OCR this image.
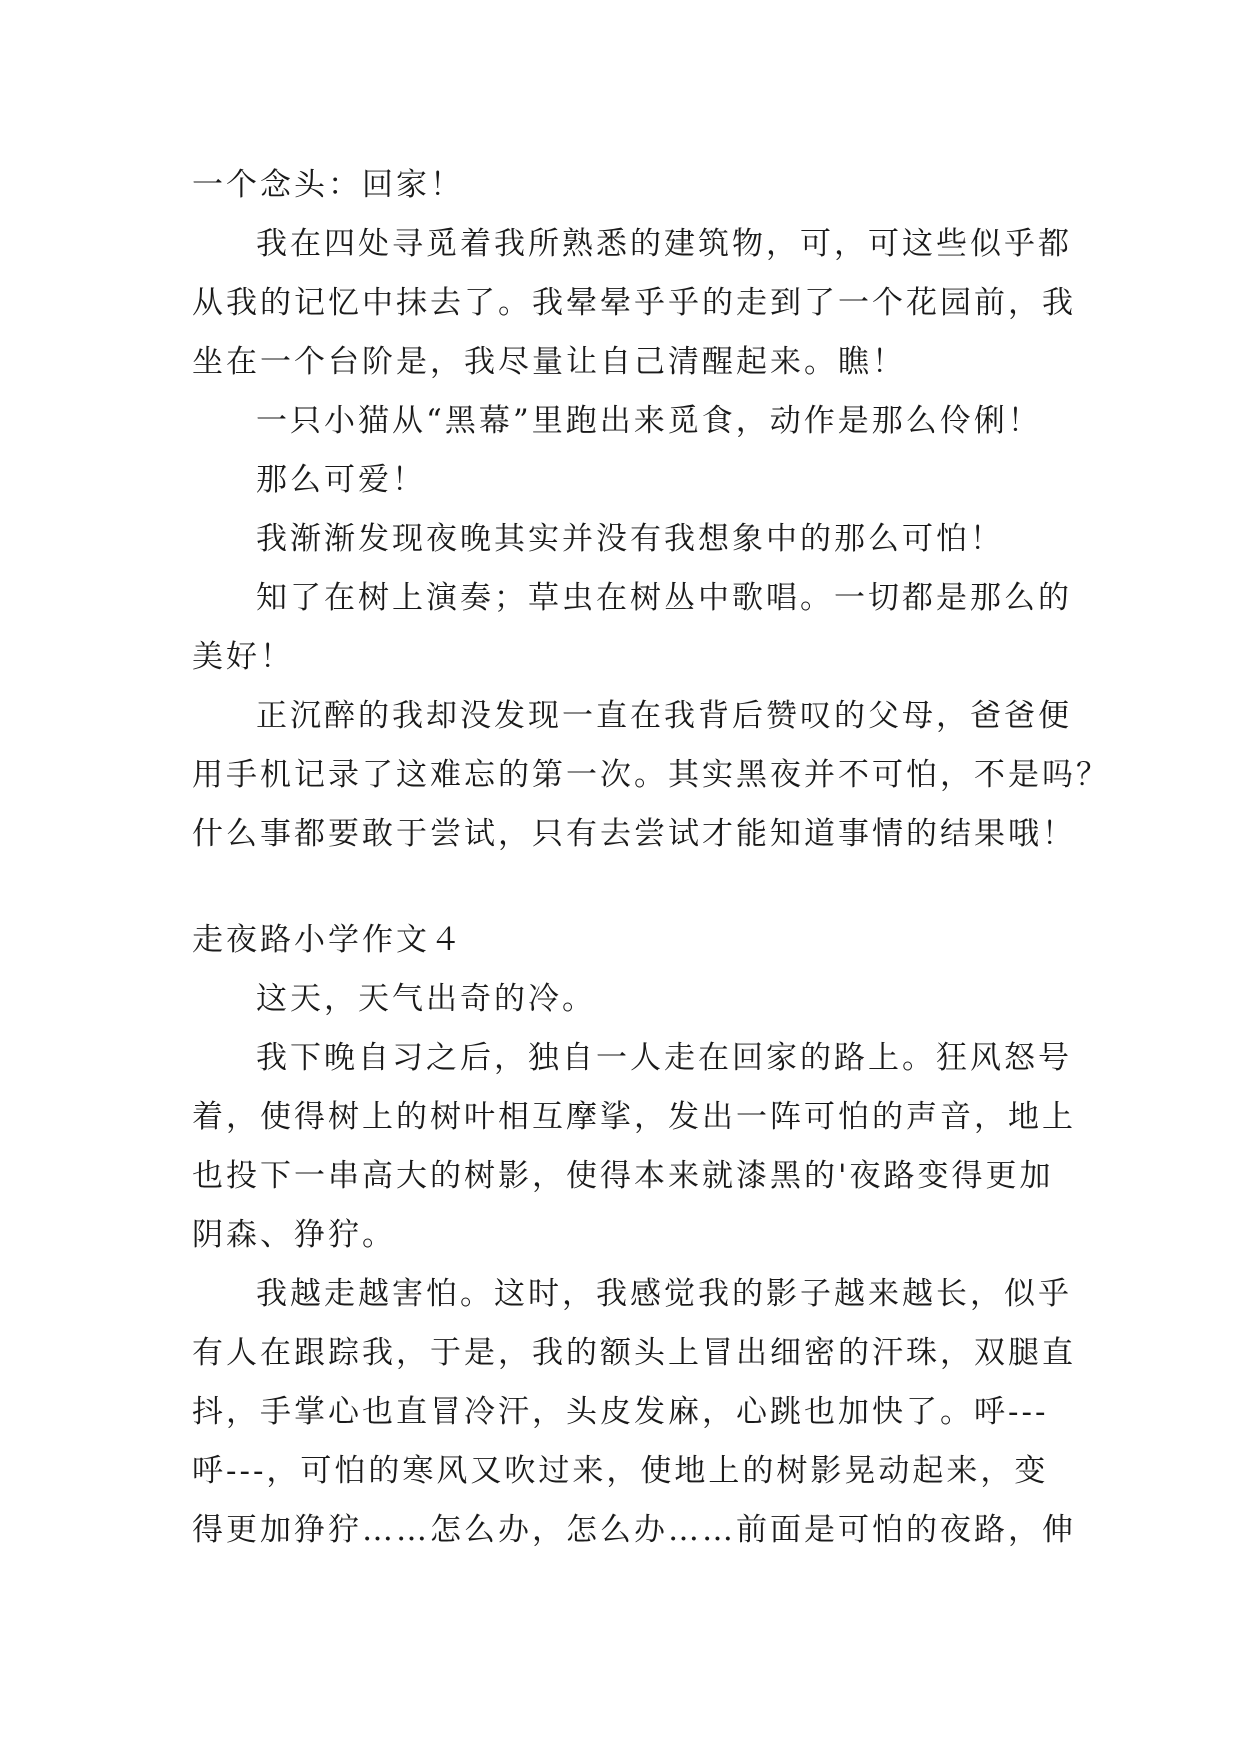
一个念头：回家！
我在四处寻觅着我所熟悉的建筑物，可，可这些似乎都
从我的记忆中抹去了。我晕晕乎乎的走到了一个花园前，我
坐在一个台阶是，我尽量让自己清醒起来。瞧！
一只小猫从“黑幕”里跑出来觅食，动作是那么伶俐！
那么可爱！
我渐渐发现夜晚其实并没有我想象中的那么可怕！
知了在树上演奏；草虫在树丛中歌唱。一切都是那么的
美好！
正沉醉的我却没发现一直在我背后赞叹的父母，爸爸便
用手机记录了这难忘的第一次。其实黑夜并不可怕，不是吗？
什么事都要敢于尝试，只有去尝试才能知道事情的结果哦！
走夜路小学作文４
这天，天气出奇的冷。
我下晚自习之后，独自一人走在回家的路上。狂风怒号
着，使得树上的树叶相互摩挲，发出一阵可怕的声音，地上
也投下一串高大的树影，使得本来就漆黑的'夜路变得更加
阴森、狰狞。
我越走越害怕。这时，我感觉我的影子越来越长，似乎
有人在跟踪我，于是，我的额头上冒出细密的汗珠，双腿直
抖，手掌心也直冒冷汗，头皮发麻，心跳也加快了。呼---
呼---，可怕的寒风又吹过来，使地上的树影晃动起来，变
得更加狰狞……怎么办，怎么办……前面是可怕的夜路，伸
